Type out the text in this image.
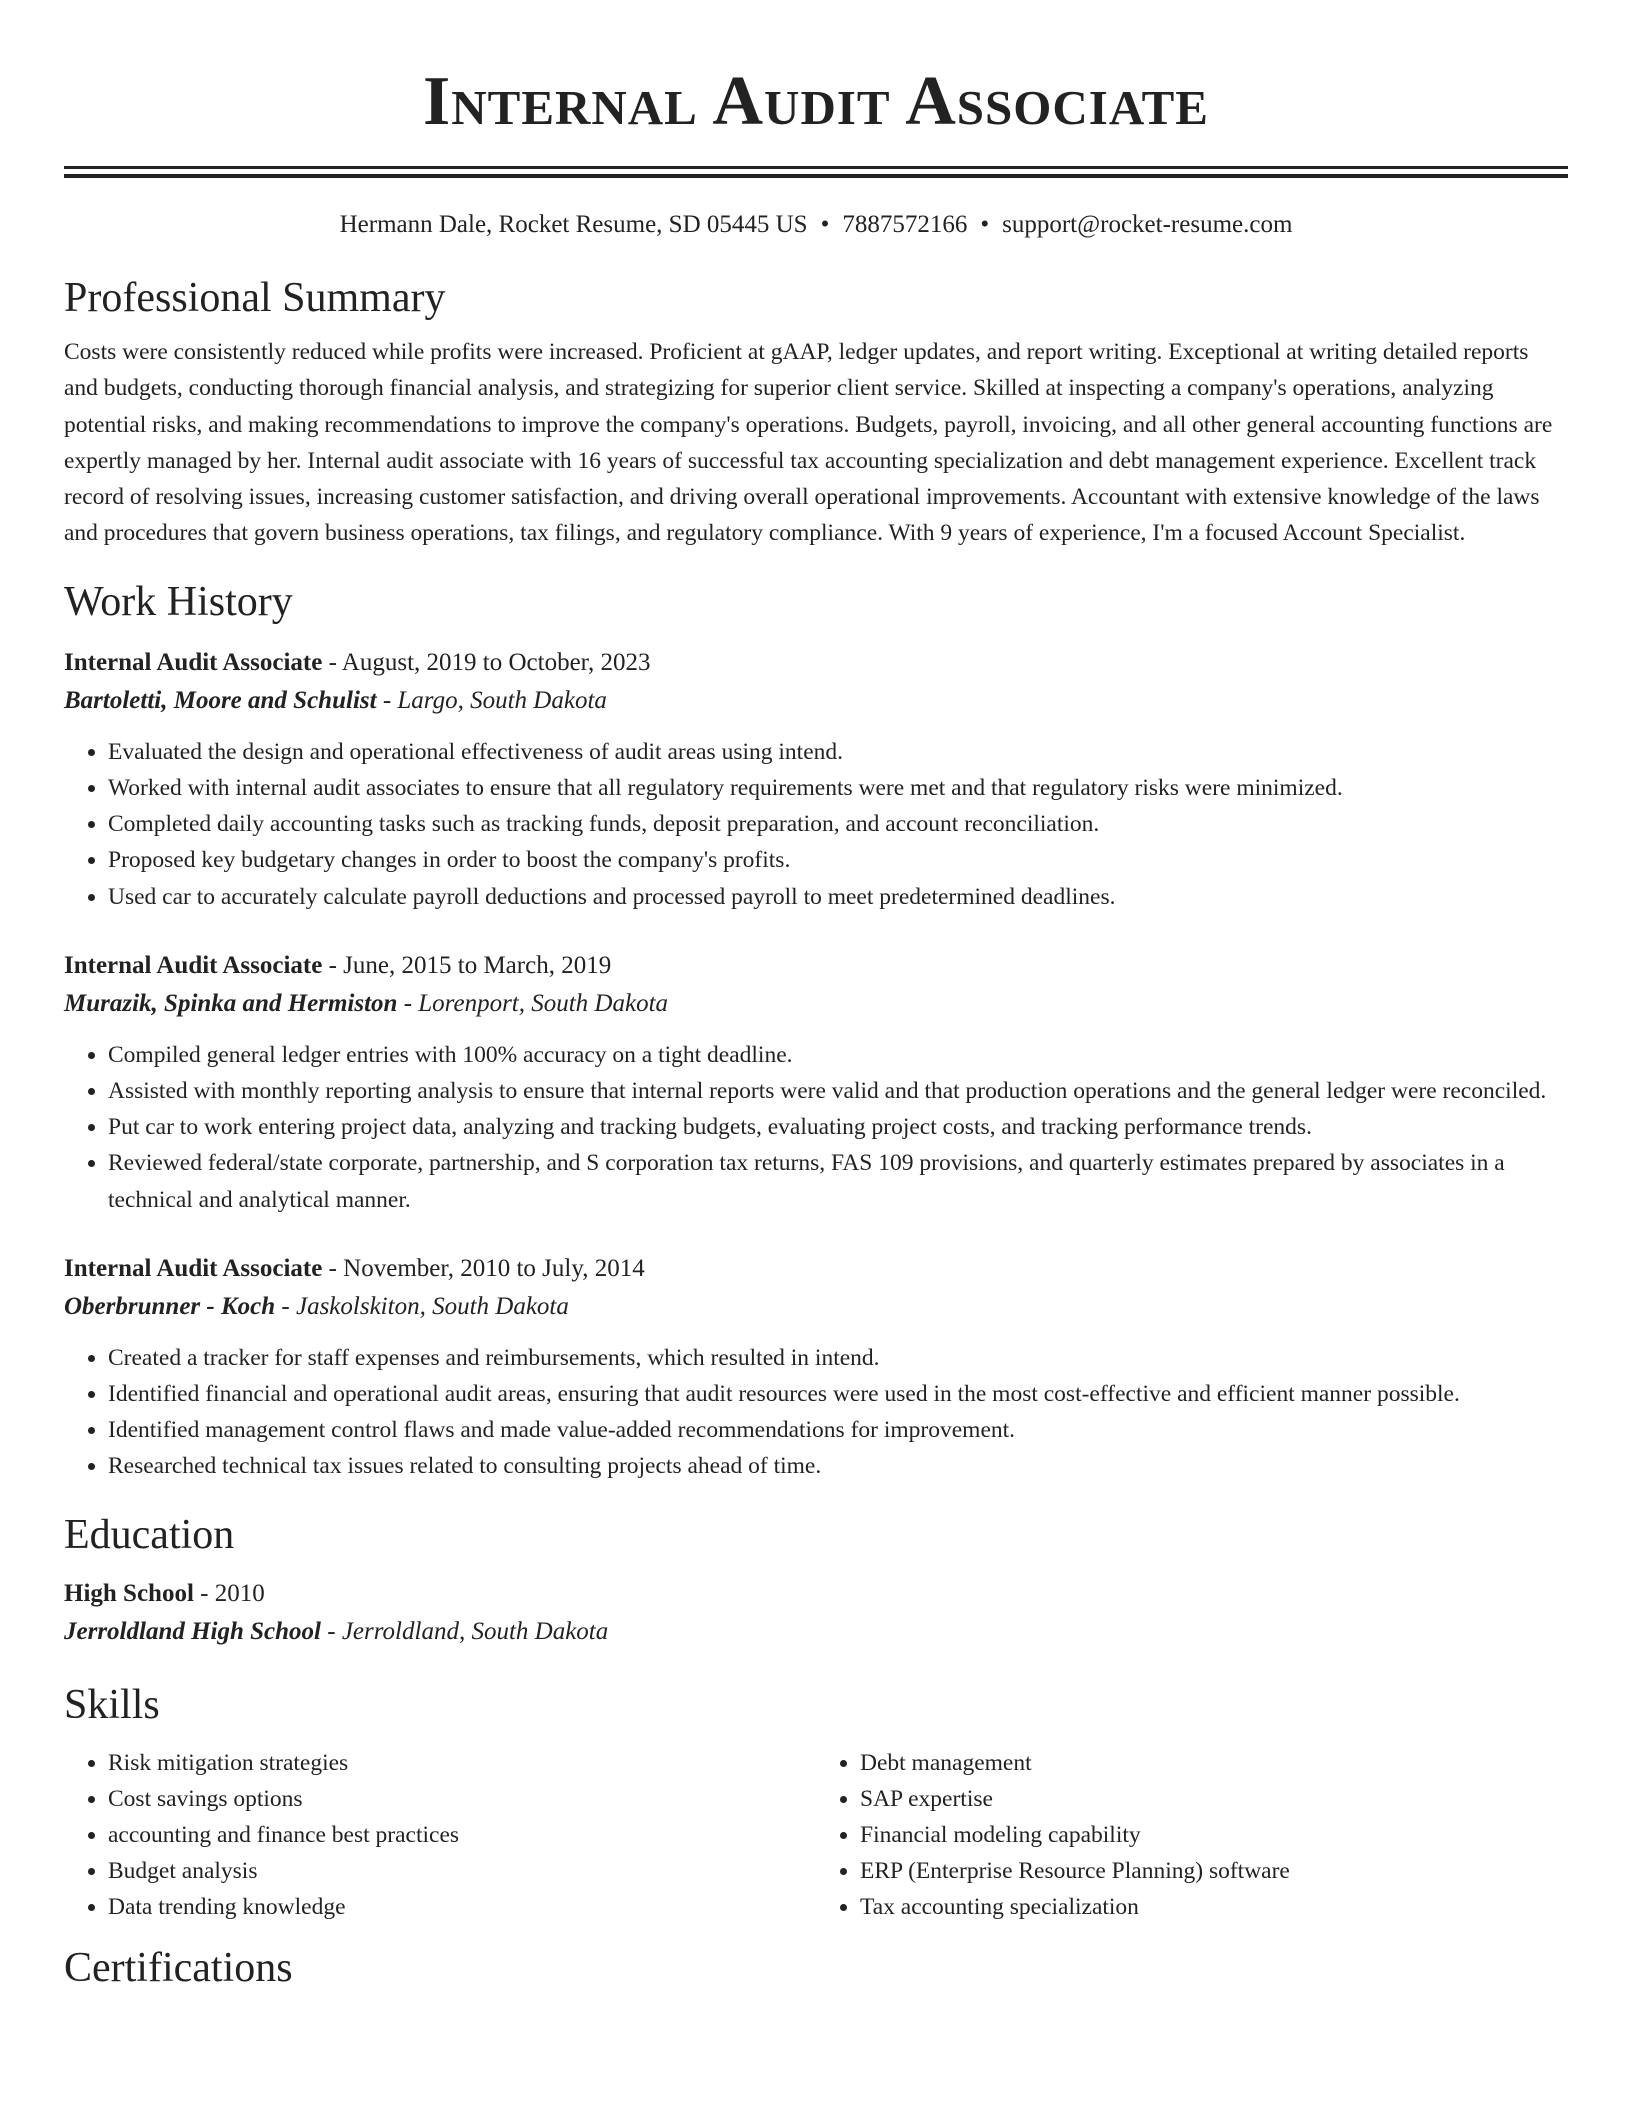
Internal Audit Associate
Hermann Dale, Rocket Resume, SD 05445 US • 7887572166 • support@rocket-resume.com
Professional Summary

Costs were consistently reduced while profits were increased. Proficient at gAAP, ledger updates, and report writing. Exceptional at writing detailed reports and budgets, conducting thorough financial analysis, and strategizing for superior client service. Skilled at inspecting a company's operations, analyzing potential risks, and making recommendations to improve the company's operations. Budgets, payroll, invoicing, and all other general accounting functions are expertly managed by her. Internal audit associate with 16 years of successful tax accounting specialization and debt management experience. Excellent track record of resolving issues, increasing customer satisfaction, and driving overall operational improvements. Accountant with extensive knowledge of the laws and procedures that govern business operations, tax filings, and regulatory compliance. With 9 years of experience, I'm a focused Account Specialist.

Work History
Internal Audit Associate - August, 2019 to October, 2023
Bartoletti, Moore and Schulist - Largo, South Dakota
• Evaluated the design and operational effectiveness of audit areas using intend.
• Worked with internal audit associates to ensure that all regulatory requirements were met and that regulatory risks were minimized.
• Completed daily accounting tasks such as tracking funds, deposit preparation, and account reconciliation.
• Proposed key budgetary changes in order to boost the company's profits.
• Used car to accurately calculate payroll deductions and processed payroll to meet predetermined deadlines.
Internal Audit Associate - June, 2015 to March, 2019
Murazik, Spinka and Hermiston - Lorenport, South Dakota
• Compiled general ledger entries with 100% accuracy on a tight deadline.
• Assisted with monthly reporting analysis to ensure that internal reports were valid and that production operations and the general ledger were reconciled.
• Put car to work entering project data, analyzing and tracking budgets, evaluating project costs, and tracking performance trends.
• Reviewed federal/state corporate, partnership, and S corporation tax returns, FAS 109 provisions, and quarterly estimates prepared by associates in a technical and analytical manner.
Internal Audit Associate - November, 2010 to July, 2014
Oberbrunner - Koch - Jaskolskiton, South Dakota
• Created a tracker for staff expenses and reimbursements, which resulted in intend.
• Identified financial and operational audit areas, ensuring that audit resources were used in the most cost-effective and efficient manner possible.
• Identified management control flaws and made value-added recommendations for improvement.
• Researched technical tax issues related to consulting projects ahead of time.
Education
High School - 2010
Jerroldland High School - Jerroldland, South Dakota
Skills
• Risk mitigation strategies
• Cost savings options
• accounting and finance best practices
• Budget analysis
• Data trending knowledge
• Debt management
• SAP expertise
• Financial modeling capability
• ERP (Enterprise Resource Planning) software
• Tax accounting specialization
Certifications
